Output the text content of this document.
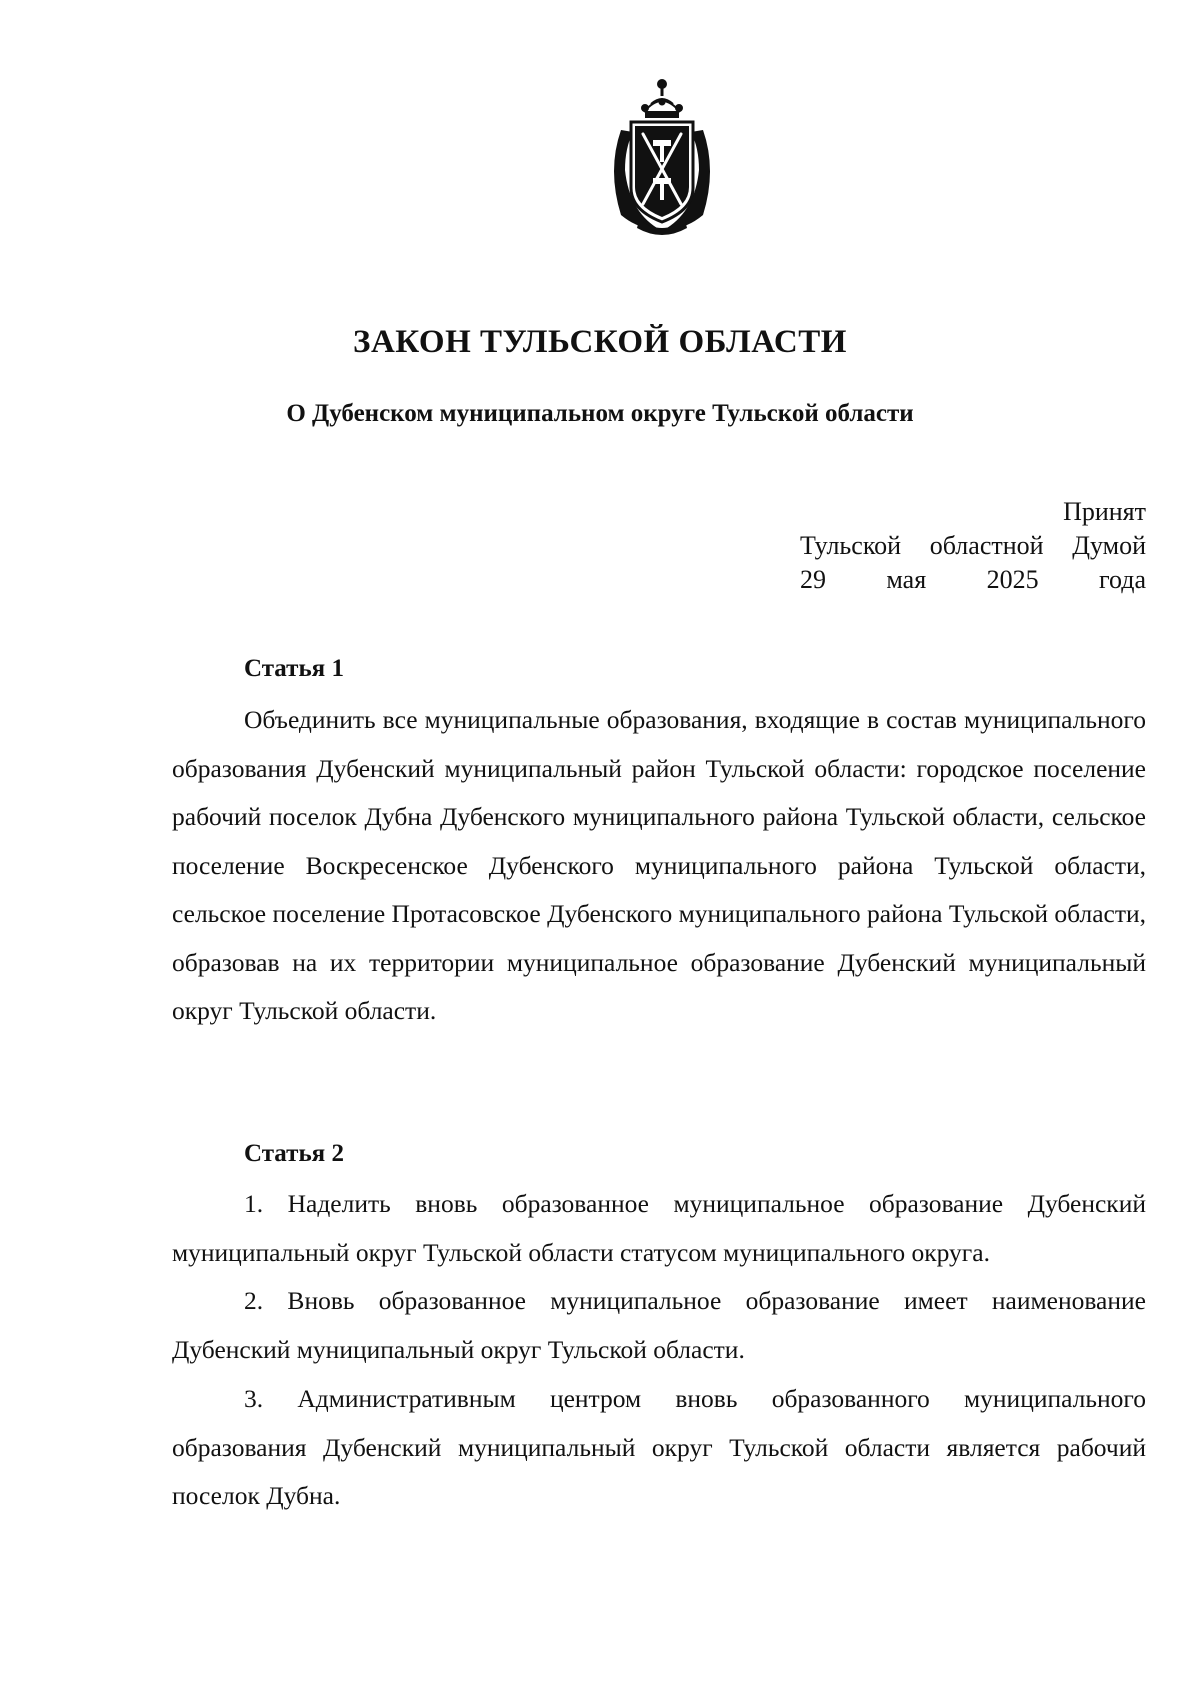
ЗАКОН ТУЛЬСКОЙ ОБЛАСТИ
О Дубенском муниципальном округе Тульской области
Принят
Тульской областной Думой
29 мая 2025 года
Статья 1

Объединить все муниципальные образования, входящие в состав муниципального образования Дубенский муниципальный район Тульской области: городское поселение рабочий поселок Дубна Дубенского муниципального района Тульской области, сельское поселение Воскресенское Дубенского муниципального района Тульской области, сельское поселение Протасовское Дубенского муниципального района Тульской области, образовав на их территории муниципальное образование Дубенский муниципальный округ Тульской области.

Статья 2

1. Наделить вновь образованное муниципальное образование Дубенский муниципальный округ Тульской области статусом муниципального округа.

2. Вновь образованное муниципальное образование имеет наименование Дубенский муниципальный округ Тульской области.

3. Административным центром вновь образованного муниципального образования Дубенский муниципальный округ Тульской области является рабочий поселок Дубна.
